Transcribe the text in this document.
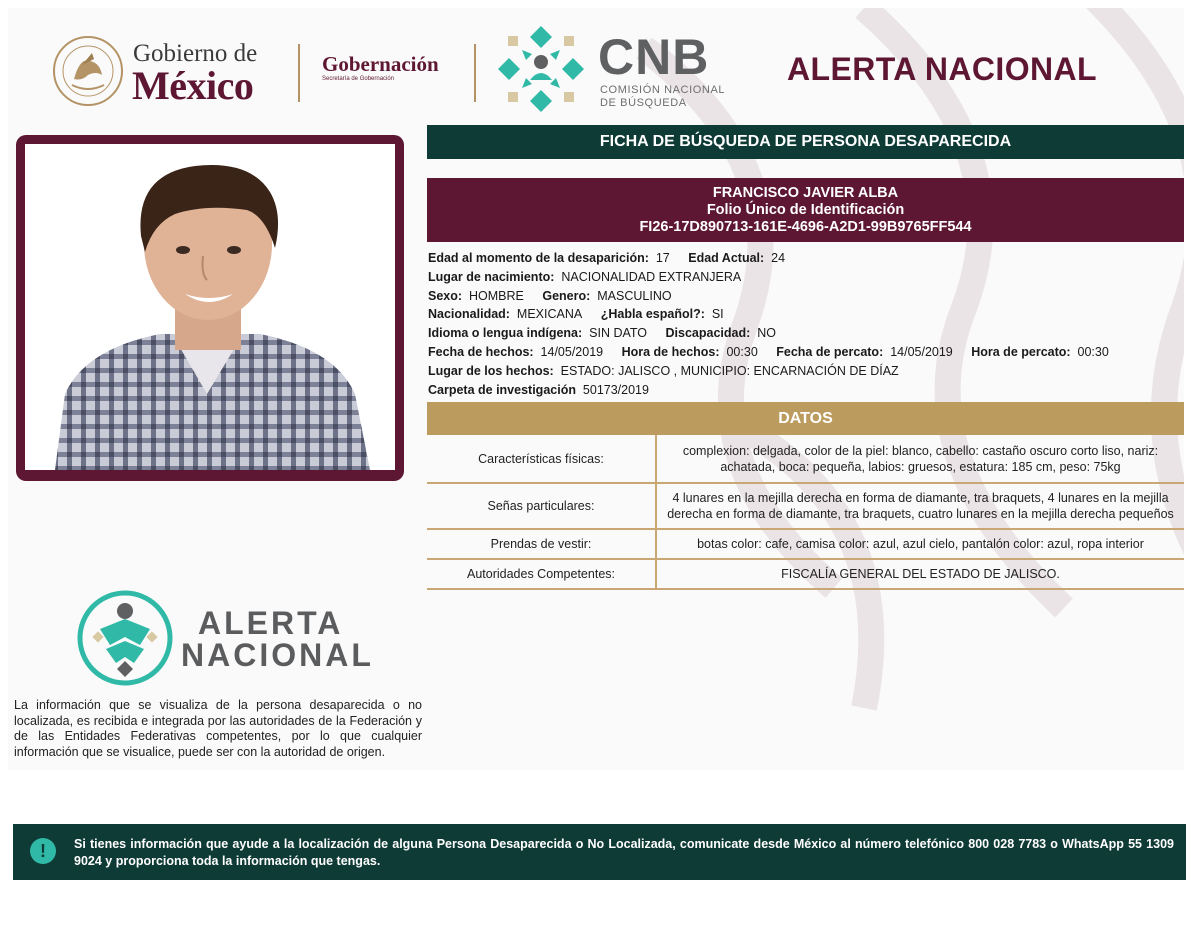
Gobierno de
México	Gobernación
Secretaría de Gobernación	CNB
COMISIÓN NACIONAL
DE BÚSQUEDA
ALERTA NACIONAL
FICHA DE BÚSQUEDA DE PERSONA DESAPARECIDA
FRANCISCO JAVIER ALBA
Folio Único de Identificación
FI26-17D890713-161E-4696-A2D1-99B9765FF544
Edad al momento de la desaparición: 17 Edad Actual: 24
Lugar de nacimiento: NACIONALIDAD EXTRANJERA
Sexo: HOMBRE Genero: MASCULINO
Nacionalidad: MEXICANA ¿Habla español?: SI
Idioma o lengua indígena: SIN DATO Discapacidad: NO
Fecha de hechos: 14/05/2019 Hora de hechos: 00:30 Fecha de percato: 14/05/2019 Hora de percato: 00:30
Lugar de los hechos: ESTADO: JALISCO , MUNICIPIO: ENCARNACIÓN DE DÍAZ
Carpeta de investigación 50173/2019
DATOS
Características físicas:	complexion: delgada, color de la piel: blanco, cabello: castaño oscuro corto liso, nariz: achatada, boca: pequeña, labios: gruesos, estatura: 185 cm, peso: 75kg
Señas particulares:	4 lunares en la mejilla derecha en forma de diamante, tra braquets, 4 lunares en la mejilla derecha en forma de diamante, tra braquets, cuatro lunares en la mejilla derecha pequeños
Prendas de vestir:	botas color: cafe, camisa color: azul, azul cielo, pantalón color: azul, ropa interior
Autoridades Competentes:	FISCALÍA GENERAL DEL ESTADO DE JALISCO.
ALERTA
NACIONAL
La información que se visualiza de la persona desaparecida o no localizada, es recibida e integrada por las autoridades de la Federación y de las Entidades Federativas competentes, por lo que cualquier información que se visualice, puede ser con la autoridad de origen.
!	Si tienes información que ayude a la localización de alguna Persona Desaparecida o No Localizada, comunicate desde México al número telefónico 800 028 7783 o WhatsApp 55 1309 9024 y proporciona toda la información que tengas.
